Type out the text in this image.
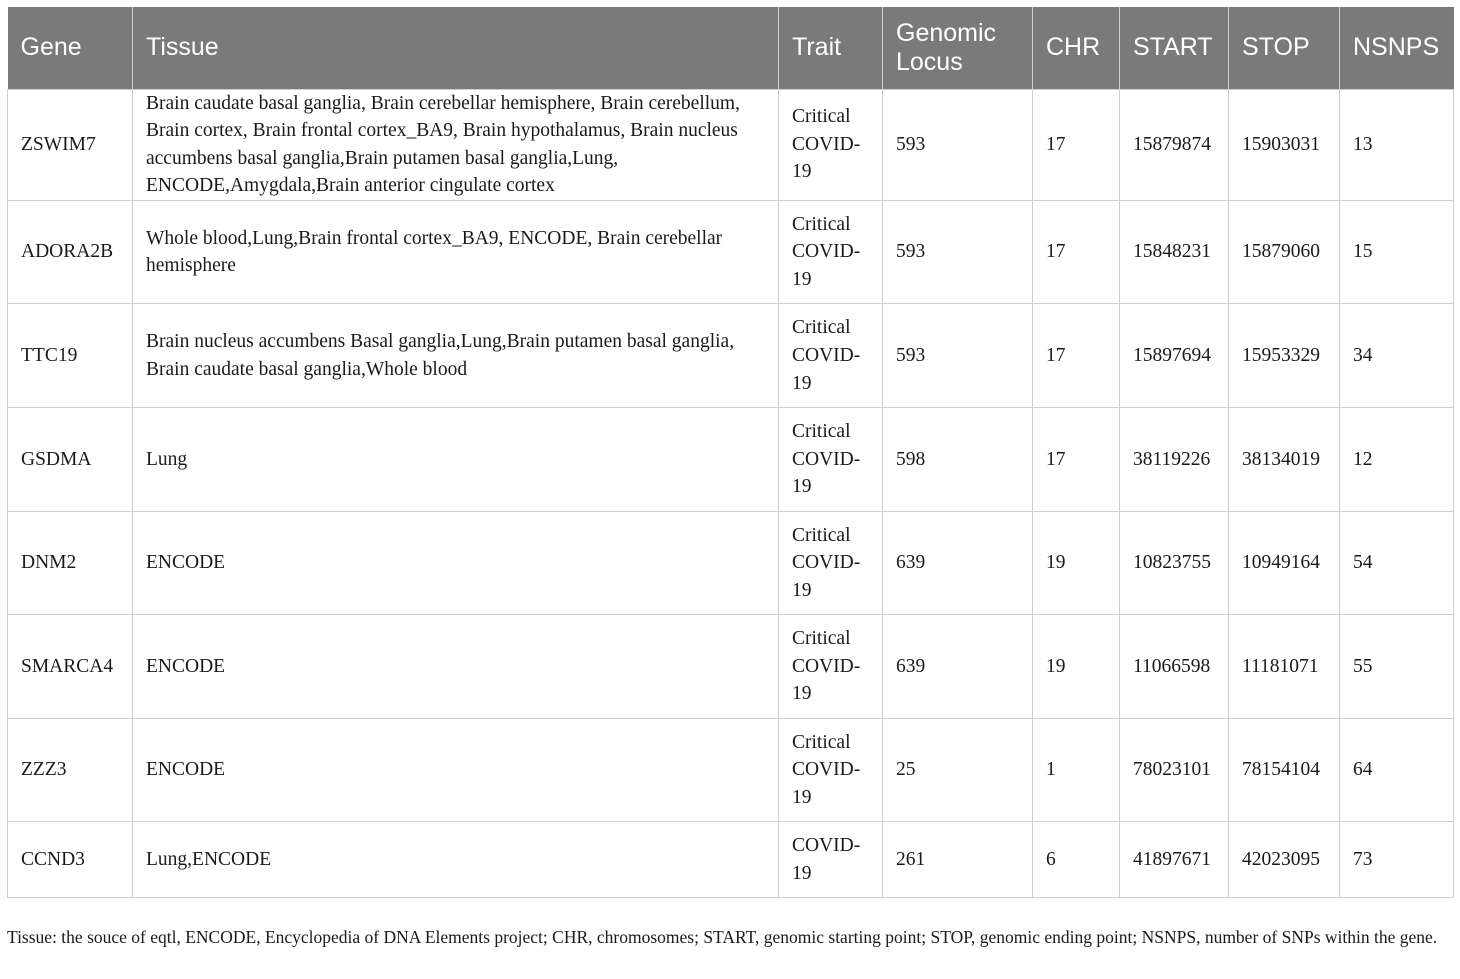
Gene	Tissue	Trait	Genomic Locus	CHR	START	STOP	NSNPS
ZSWIM7	Brain caudate basal ganglia, Brain cerebellar hemisphere, Brain cerebellum, Brain cortex, Brain frontal cortex_BA9, Brain hypothalamus, Brain nucleus accumbens basal ganglia,Brain putamen basal ganglia,Lung, ENCODE,Amygdala,Brain anterior cingulate cortex	Critical COVID-19	593	17	15879874	15903031	13
ADORA2B	Whole blood,Lung,Brain frontal cortex_BA9, ENCODE, Brain cerebellar hemisphere	Critical COVID-19	593	17	15848231	15879060	15
TTC19	Brain nucleus accumbens Basal ganglia,Lung,Brain putamen basal ganglia, Brain caudate basal ganglia,Whole blood	Critical COVID-19	593	17	15897694	15953329	34
GSDMA	Lung	Critical COVID-19	598	17	38119226	38134019	12
DNM2	ENCODE	Critical COVID-19	639	19	10823755	10949164	54
SMARCA4	ENCODE	Critical COVID-19	639	19	11066598	11181071	55
ZZZ3	ENCODE	Critical COVID-19	25	1	78023101	78154104	64
CCND3	Lung,ENCODE	COVID-19	261	6	41897671	42023095	73
Tissue: the souce of eqtl, ENCODE, Encyclopedia of DNA Elements project; CHR, chromosomes; START, genomic starting point; STOP, genomic ending point; NSNPS, number of SNPs within the gene.
